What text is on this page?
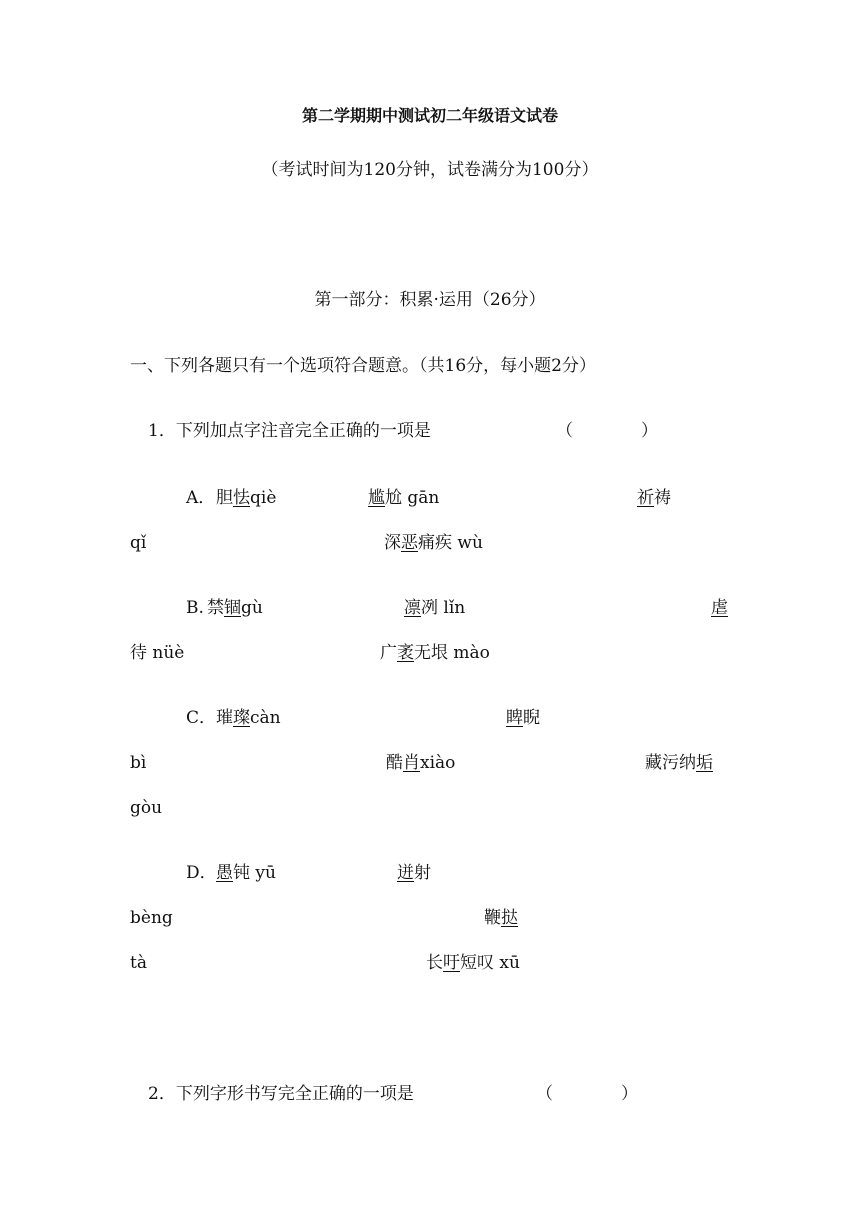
第二学期期中测试初二年级语文试卷
（考试时间为120分钟，试卷满分为100分）
第一部分：积累·运用（26分）
一、下列各题只有一个选项符合题意。（共16分，每小题2分）
1．下列加点字注音完全正确的一项是	（　　　　）
A． 胆怯qiè	尴尬 gān	祈祷
qǐ	深恶痛疾 wù
B. 禁锢gù	凛冽 lǐn	虐
待 nüè	广袤无垠 mào
C． 璀璨càn	睥睨
bì	酷肖xiào	藏污纳垢
gòu
D． 愚钝 yū	迸射
bèng	鞭挞
tà	长吁短叹 xū
2．下列字形书写完全正确的一项是	（　　　　）
